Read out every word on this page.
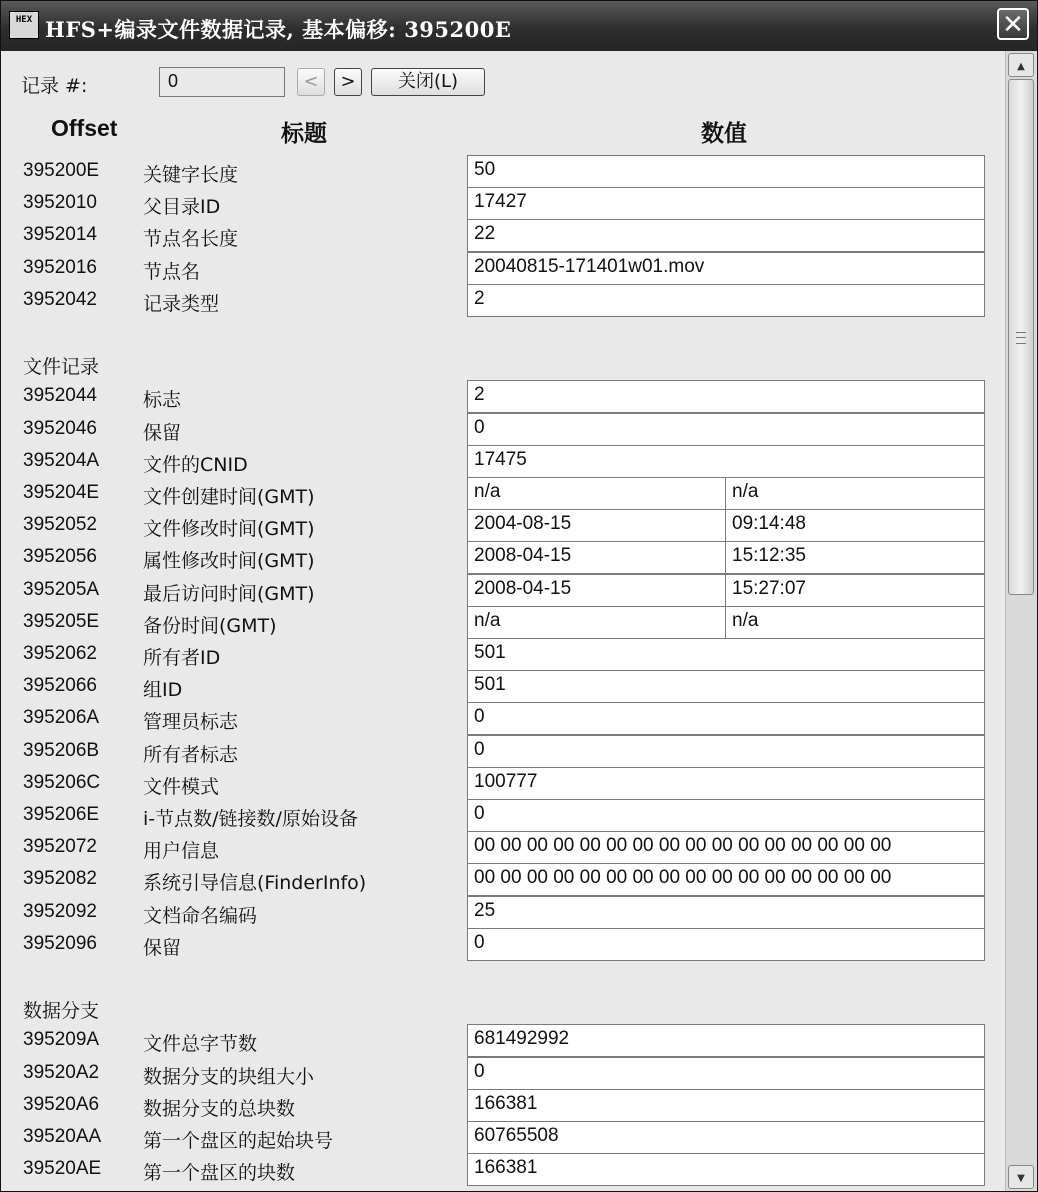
HEX HFS+编录文件数据记录, 基本偏移: 395200E	✕
记录 #:	0	<	>	关闭(L)
Offset	标题	数值
395200E 关键字长度	50
3952010 父目录ID	17427
3952014 节点名长度	22
3952016 节点名	20040815-171401w01.mov
3952042 记录类型	2
文件记录
3952044 标志	2
3952046 保留	0
395204A 文件的CNID	17475
395204E 文件创建时间(GMT)	n/a	n/a
3952052 文件修改时间(GMT)	2004-08-15	09:14:48
3952056 属性修改时间(GMT)	2008-04-15	15:12:35
395205A 最后访问时间(GMT)	2008-04-15	15:27:07
395205E 备份时间(GMT)	n/a	n/a
3952062 所有者ID	501
3952066 组ID	501
395206A 管理员标志	0
395206B 所有者标志	0
395206C 文件模式	100777
395206E i-节点数/链接数/原始设备	0
3952072 用户信息	00 00 00 00 00 00 00 00 00 00 00 00 00 00 00 00
3952082 系统引导信息(FinderInfo)	00 00 00 00 00 00 00 00 00 00 00 00 00 00 00 00
3952092 文档命名编码	25
3952096 保留	0
数据分支
395209A 文件总字节数	681492992
39520A2 数据分支的块组大小	0
39520A6 数据分支的总块数	166381
39520AA 第一个盘区的起始块号	60765508
39520AE 第一个盘区的块数	166381
▲
▼
